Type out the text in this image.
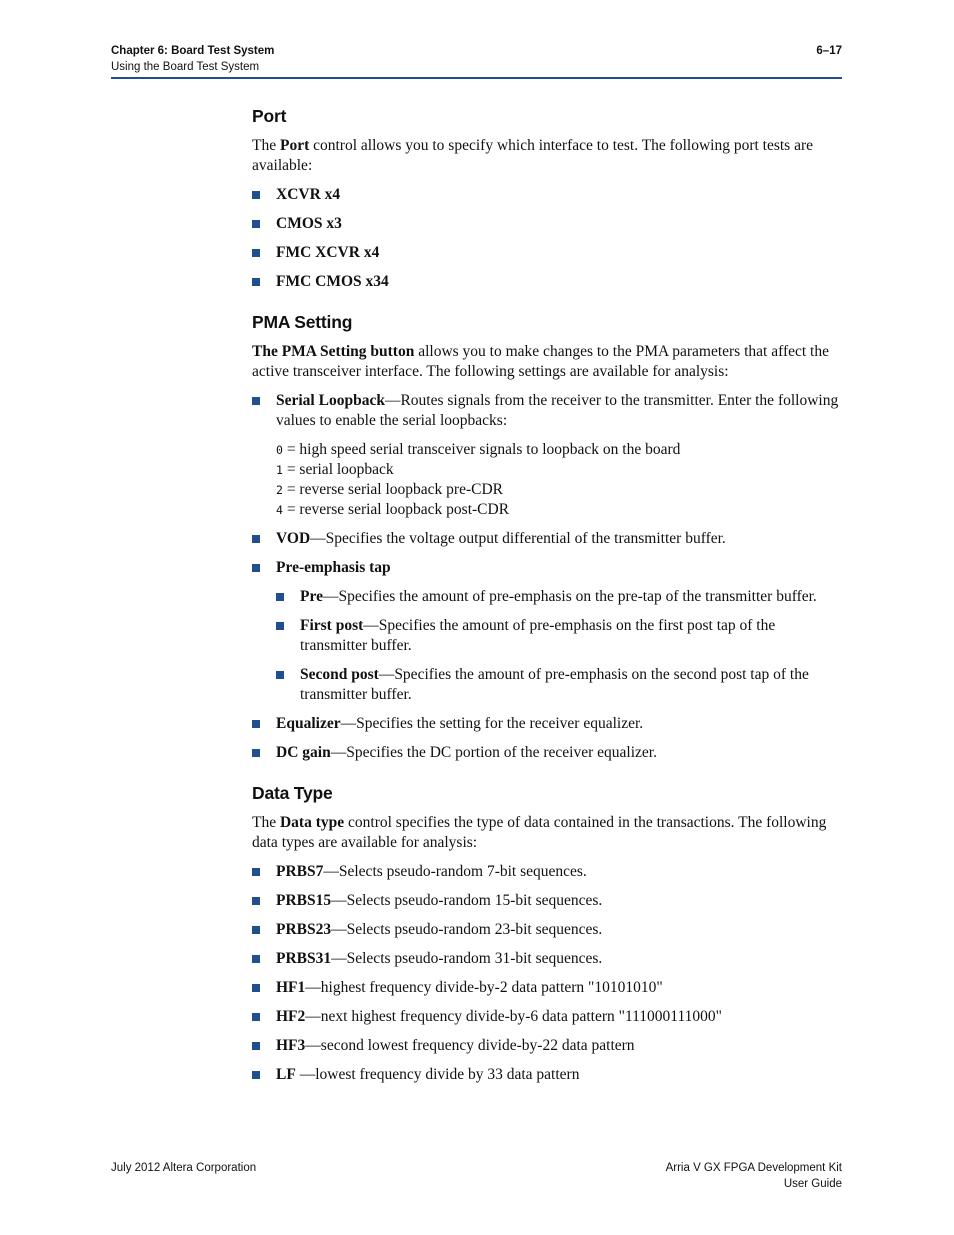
Chapter 6: Board Test System
Using the Board Test System
6–17
Port

The Port control allows you to specify which interface to test. The following port tests are available:

XCVR x4
CMOS x3
FMC XCVR x4
FMC CMOS x34
PMA Setting

The PMA Setting button allows you to make changes to the PMA parameters that affect the active transceiver interface. The following settings are available for analysis:

Serial Loopback—Routes signals from the receiver to the transmitter. Enter the following values to enable the serial loopbacks:
0 = high speed serial transceiver signals to loopback on the board
1 = serial loopback
2 = reverse serial loopback pre-CDR
4 = reverse serial loopback post-CDR
VOD—Specifies the voltage output differential of the transmitter buffer.
Pre-emphasis tap
Pre—Specifies the amount of pre-emphasis on the pre-tap of the transmitter buffer.
First post—Specifies the amount of pre-emphasis on the first post tap of the transmitter buffer.
Second post—Specifies the amount of pre-emphasis on the second post tap of the transmitter buffer.
Equalizer—Specifies the setting for the receiver equalizer.
DC gain—Specifies the DC portion of the receiver equalizer.
Data Type

The Data type control specifies the type of data contained in the transactions. The following data types are available for analysis:

PRBS7—Selects pseudo-random 7-bit sequences.
PRBS15—Selects pseudo-random 15-bit sequences.
PRBS23—Selects pseudo-random 23-bit sequences.
PRBS31—Selects pseudo-random 31-bit sequences.
HF1—highest frequency divide-by-2 data pattern "10101010"
HF2—next highest frequency divide-by-6 data pattern "111000111000"
HF3—second lowest frequency divide-by-22 data pattern
LF —lowest frequency divide by 33 data pattern
July 2012 Altera Corporation	Arria V GX FPGA Development Kit
User Guide
